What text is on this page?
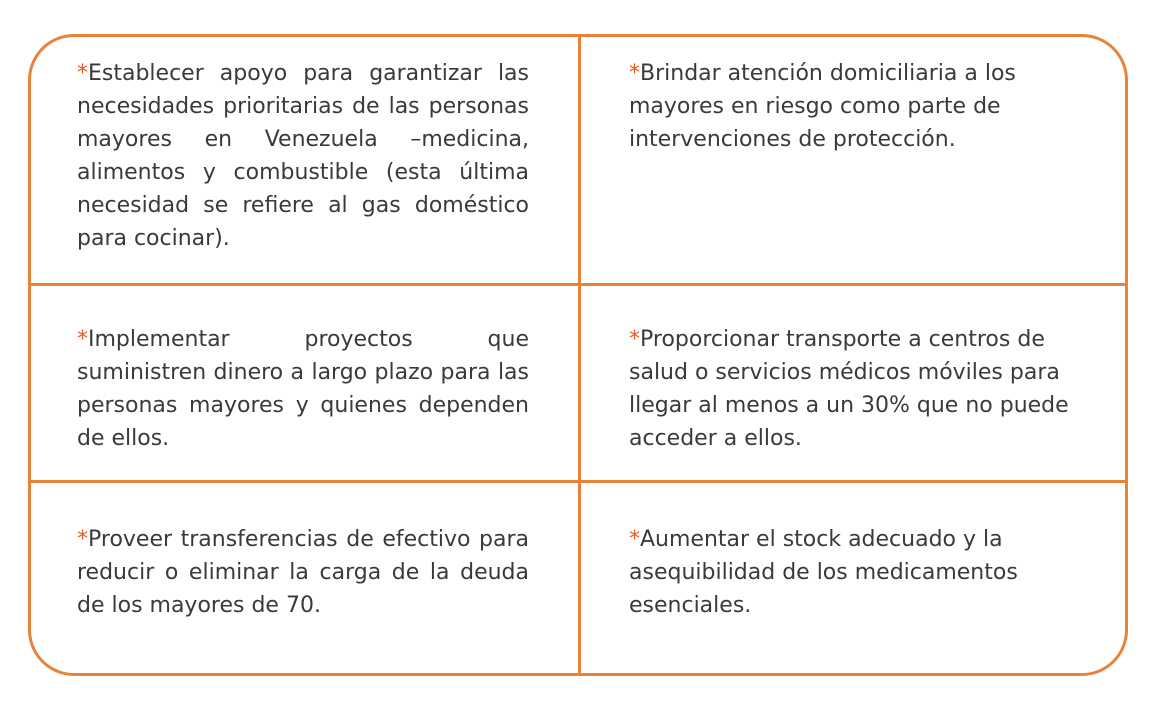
*Establecer apoyo para garantizar las necesidades prioritarias de las personas mayores en Venezuela –medicina, alimentos y combustible (esta última necesidad se refiere al gas doméstico para cocinar).
*Brindar atención domiciliaria a los mayores en riesgo como parte de intervenciones de protección.
*Implementar proyectos que suministren dinero a largo plazo para las personas mayores y quienes dependen de ellos.
*Proporcionar transporte a centros de salud o servicios médicos móviles para llegar al menos a un 30% que no puede acceder a ellos.
*Proveer transferencias de efectivo para reducir o eliminar la carga de la deuda de los mayores de 70.
*Aumentar el stock adecuado y la asequibilidad de los medicamentos esenciales.
